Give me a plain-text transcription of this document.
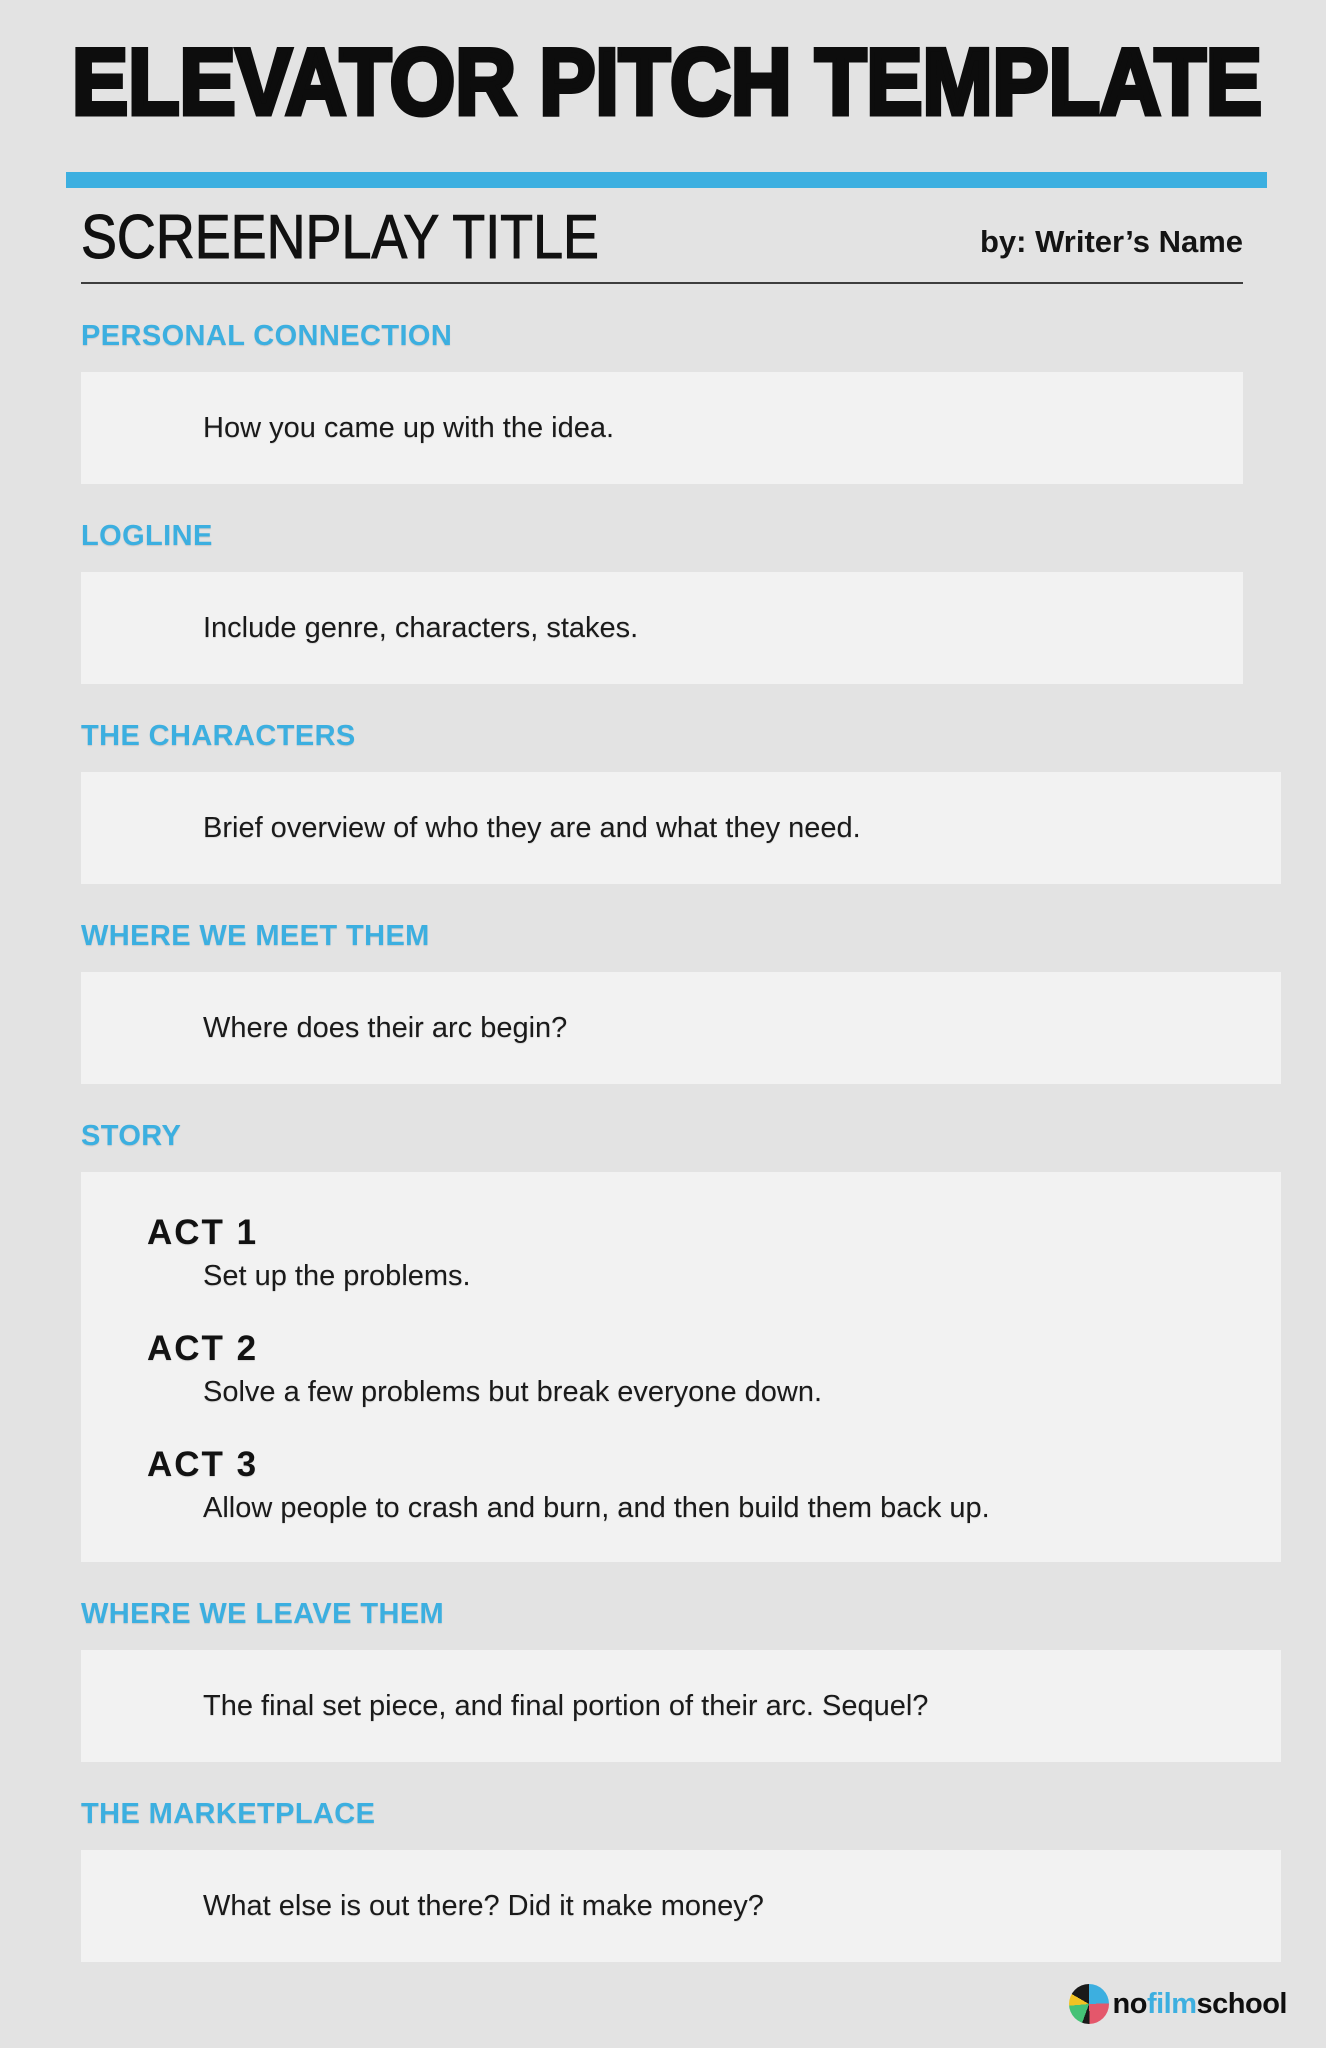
ELEVATOR PITCH TEMPLATE
SCREENPLAY TITLE	by: Writer’s Name
PERSONAL CONNECTION
How you came up with the idea.
LOGLINE
Include genre, characters, stakes.
THE CHARACTERS
Brief overview of who they are and what they need.
WHERE WE MEET THEM
Where does their arc begin?
STORY
ACT 1
Set up the problems.
ACT 2
Solve a few problems but break everyone down.
ACT 3
Allow people to crash and burn, and then build them back up.
WHERE WE LEAVE THEM
The final set piece, and final portion of their arc. Sequel?
THE MARKETPLACE
What else is out there? Did it make money?
nofilmschool
